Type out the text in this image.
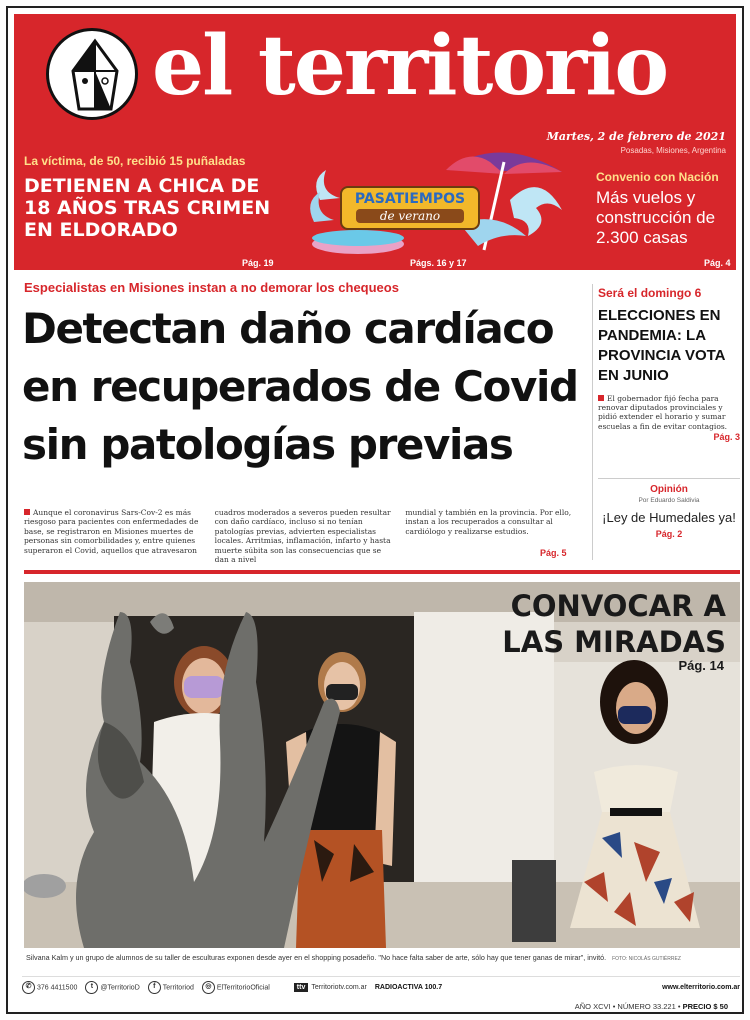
el territorio
Martes, 2 de febrero de 2021
Posadas, Misiones, Argentina
La víctima, de 50, recibió 15 puñaladas
DETIENEN A CHICA DE 18 AÑOS TRAS CRIMEN EN ELDORADO
Pág. 19
PASATIEMPOS
de verano
Págs. 16 y 17
Convenio con Nación
Más vuelos y construcción de 2.300 casas
Pág. 4
Especialistas en Misiones instan a no demorar los chequeos
Detectan daño cardíaco en recuperados de Covid sin patologías previas

Aunque el coronavirus Sars-Cov-2 es más riesgoso para pacientes con enfermedades de base, se registraron en Misiones muertes de personas sin comorbilidades y, entre quienes superaron el Covid, aquellos que atravesaron

cuadros moderados a severos pueden resultar con daño cardíaco, incluso si no tenían patologías previas, advierten especialistas locales. Arritmias, inflamación, infarto y hasta muerte súbita son las consecuencias que se dan a nivel

mundial y también en la provincia. Por ello, instan a los recuperados a consultar al cardiólogo y realizarse estudios.

Pág. 5
Será el domingo 6
ELECCIONES EN PANDEMIA: LA PROVINCIA VOTA EN JUNIO
El gobernador fijó fecha para renovar diputados provinciales y pidió extender el horario y sumar escuelas a fin de evitar contagios.
Pág. 3
Opinión
Por Eduardo Saldivia
¡Ley de Humedales ya!
Pág. 2
CONVOCAR A
LAS MIRADAS
Pág. 14
Silvana Kalm y un grupo de alumnos de su taller de esculturas exponen desde ayer en el shopping posadeño. "No hace falta saber de arte, sólo hay que tener ganas de mirar", invitó. FOTO: NICOLÁS GUTIÉRREZ
✆ 376 4411500	t @TerritorioD	f Territoriod	◎ ElTerritorioOficial	ttv Territoriotv.com.ar RADIOACTIVA 100.7	www.elterritorio.com.ar
AÑO XCVI • NÚMERO 33.221 • PRECIO $ 50
